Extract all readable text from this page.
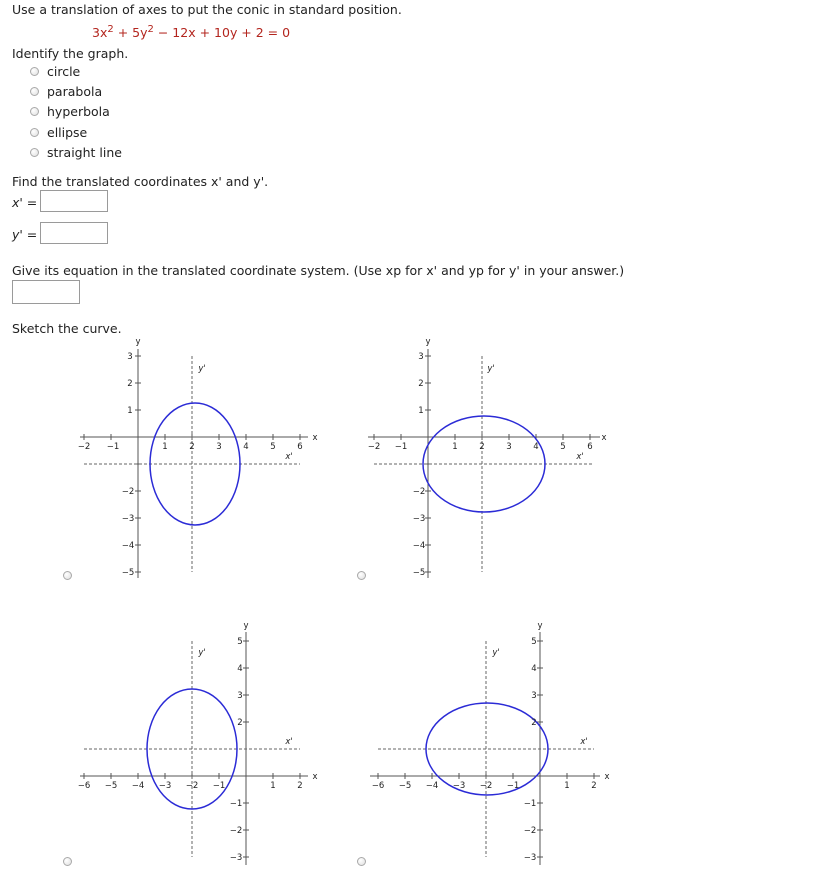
Use a translation of axes to put the conic in standard position.
$3x^2 + 5y^2 - 12x + 10y + 2 = 0$
Identify the graph.
circle
parabola
hyperbola
ellipse
straight line
Find the translated coordinates x' and y'.
x' =
y' =
Give its equation in the translated coordinate system. (Use xp for x' and yp for y' in your answer.)
Sketch the curve.
−2 −1	1	2	3	4	5	6
3
2
1
−2
−3
−4
−5
y
x
y'
x'
−2 −1	1	2	3	4	5	6
3
2
1
−2
−3
−4
−5
y
x
y'
x'
−6 −5 −4 −3 −2 −1	1	2
5
4
3
2
−1
−2
−3
y
x
y'
x'
−6 −5 −4 −3 −2 −1	1	2
5
4
3
2
−1
−2
−3
y
x
y'
x'
